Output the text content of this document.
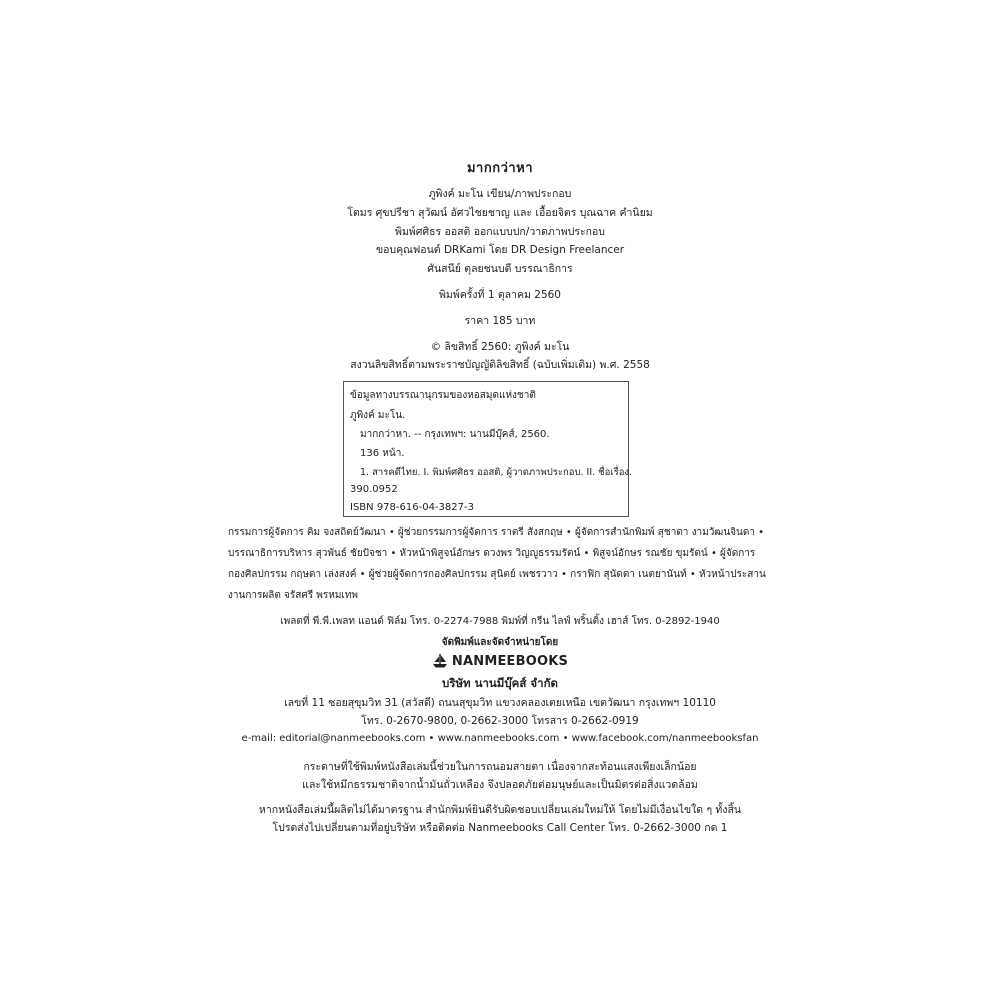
มากกว่าหา
ภูพิงค์ มะโน เขียน/ภาพประกอบ
โตมร ศุขปรีชา สุวัฒน์ อัศวไชยชาญ และ เอื้อยจิตร บุณฉาค คำนิยม
พิมพ์ศศิธร ออสติ ออกแบบปก/วาดภาพประกอบ
ขอบคุณฟอนต์ DRKami โดย DR Design Freelancer
ศันสนีย์ ตุลยชนบดี บรรณาธิการ
พิมพ์ครั้งที่ 1 ตุลาคม 2560
ราคา 185 บาท
© ลิขสิทธิ์ 2560: ภูพิงค์ มะโน
สงวนลิขสิทธิ์ตามพระราชบัญญัติลิขสิทธิ์ (ฉบับเพิ่มเติม) พ.ศ. 2558
ข้อมูลทางบรรณานุกรมของหอสมุดแห่งชาติ
ภูพิงค์ มะโน.
มากกว่าหา. -- กรุงเทพฯ: นานมีบุ๊คส์, 2560.
136 หน้า.
1. สารคดีไทย. I. พิมพ์ศศิธร ออสติ, ผู้วาดภาพประกอบ. II. ชื่อเรื่อง.
390.0952
ISBN 978-616-04-3827-3
กรรมการผู้จัดการ คิม จงสถิตย์วัฒนา • ผู้ช่วยกรรมการผู้จัดการ ราตรี สังสกฤษ • ผู้จัดการสำนักพิมพ์ สุชาดา งามวัฒนจินดา •
บรรณาธิการบริหาร สุวพันธ์ ชัยปัจชา • หัวหน้าพิสูจน์อักษร ดวงพร วิญญูธรรมรัตน์ • พิสูจน์อักษร รณชัย ขุมรัตน์ • ผู้จัดการ
กองศิลปกรรม กฤษดา เล่งสงค์ • ผู้ช่วยผู้จัดการกองศิลปกรรม สุนิตย์ เพชรวาว • กราฟิก สุนัดดา เนตยานันท์ • หัวหน้าประสาน
งานการผลิต จรัสศรี พรหมเทพ
เพลตที่ พี.พี.เพลท แอนด์ ฟิล์ม โทร. 0-2274-7988 พิมพ์ที่ กรีน ไลฟ์ พริ้นติ้ง เฮาส์ โทร. 0-2892-1940
จัดพิมพ์และจัดจำหน่ายโดย
NANMEEBOOKS
บริษัท นานมีบุ๊คส์ จำกัด
เลขที่ 11 ซอยสุขุมวิท 31 (สวัสดี) ถนนสุขุมวิท แขวงคลองเตยเหนือ เขตวัฒนา กรุงเทพฯ 10110
โทร. 0-2670-9800, 0-2662-3000 โทรสาร 0-2662-0919
e-mail: editorial@nanmeebooks.com • www.nanmeebooks.com • www.facebook.com/nanmeebooksfan
กระดาษที่ใช้พิมพ์หนังสือเล่มนี้ช่วยในการถนอมสายตา เนื่องจากสะท้อนแสงเพียงเล็กน้อย
และใช้หมึกธรรมชาติจากน้ำมันถั่วเหลือง จึงปลอดภัยต่อมนุษย์และเป็นมิตรต่อสิ่งแวดล้อม
หากหนังสือเล่มนี้ผลิตไม่ได้มาตรฐาน สำนักพิมพ์ยินดีรับผิดชอบเปลี่ยนเล่มใหม่ให้ โดยไม่มีเงื่อนไขใด ๆ ทั้งสิ้น
โปรดส่งไปเปลี่ยนตามที่อยู่บริษัท หรือติดต่อ Nanmeebooks Call Center โทร. 0-2662-3000 กด 1
